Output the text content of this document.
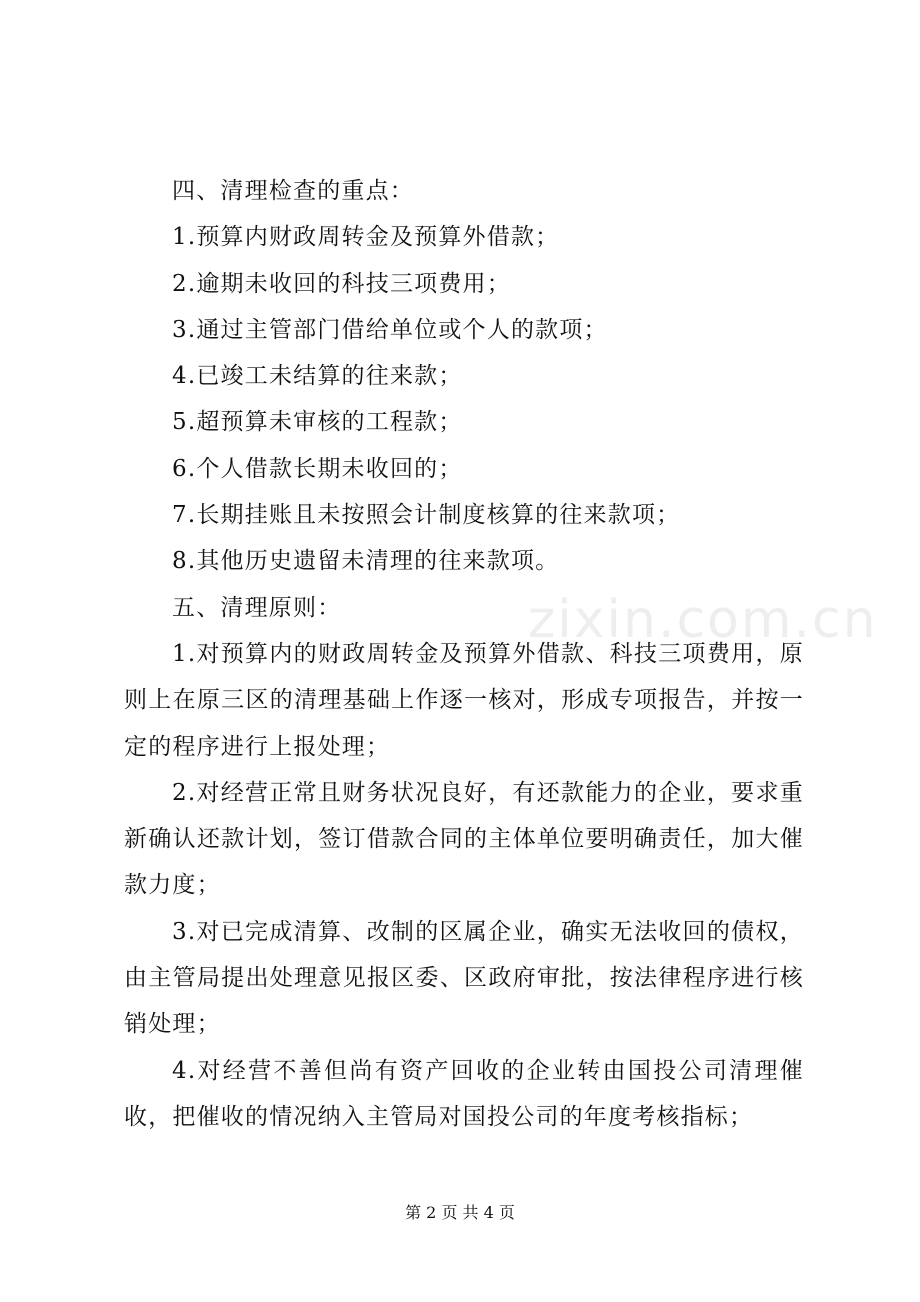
zixin.com.cn

四、清理检查的重点：

1.预算内财政周转金及预算外借款；

2.逾期未收回的科技三项费用；

3.通过主管部门借给单位或个人的款项；

4.已竣工未结算的往来款；

5.超预算未审核的工程款；

6.个人借款长期未收回的；

7.长期挂账且未按照会计制度核算的往来款项；

8.其他历史遗留未清理的往来款项。

五、清理原则：

1.对预算内的财政周转金及预算外借款、科技三项费用，原则上在原三区的清理基础上作逐一核对，形成专项报告，并按一定的程序进行上报处理；

2.对经营正常且财务状况良好，有还款能力的企业，要求重新确认还款计划，签订借款合同的主体单位要明确责任，加大催款力度；

3.对已完成清算、改制的区属企业，确实无法收回的债权，由主管局提出处理意见报区委、区政府审批，按法律程序进行核销处理；

4.对经营不善但尚有资产回收的企业转由国投公司清理催收，把催收的情况纳入主管局对国投公司的年度考核指标；

第 2 页 共 4 页
